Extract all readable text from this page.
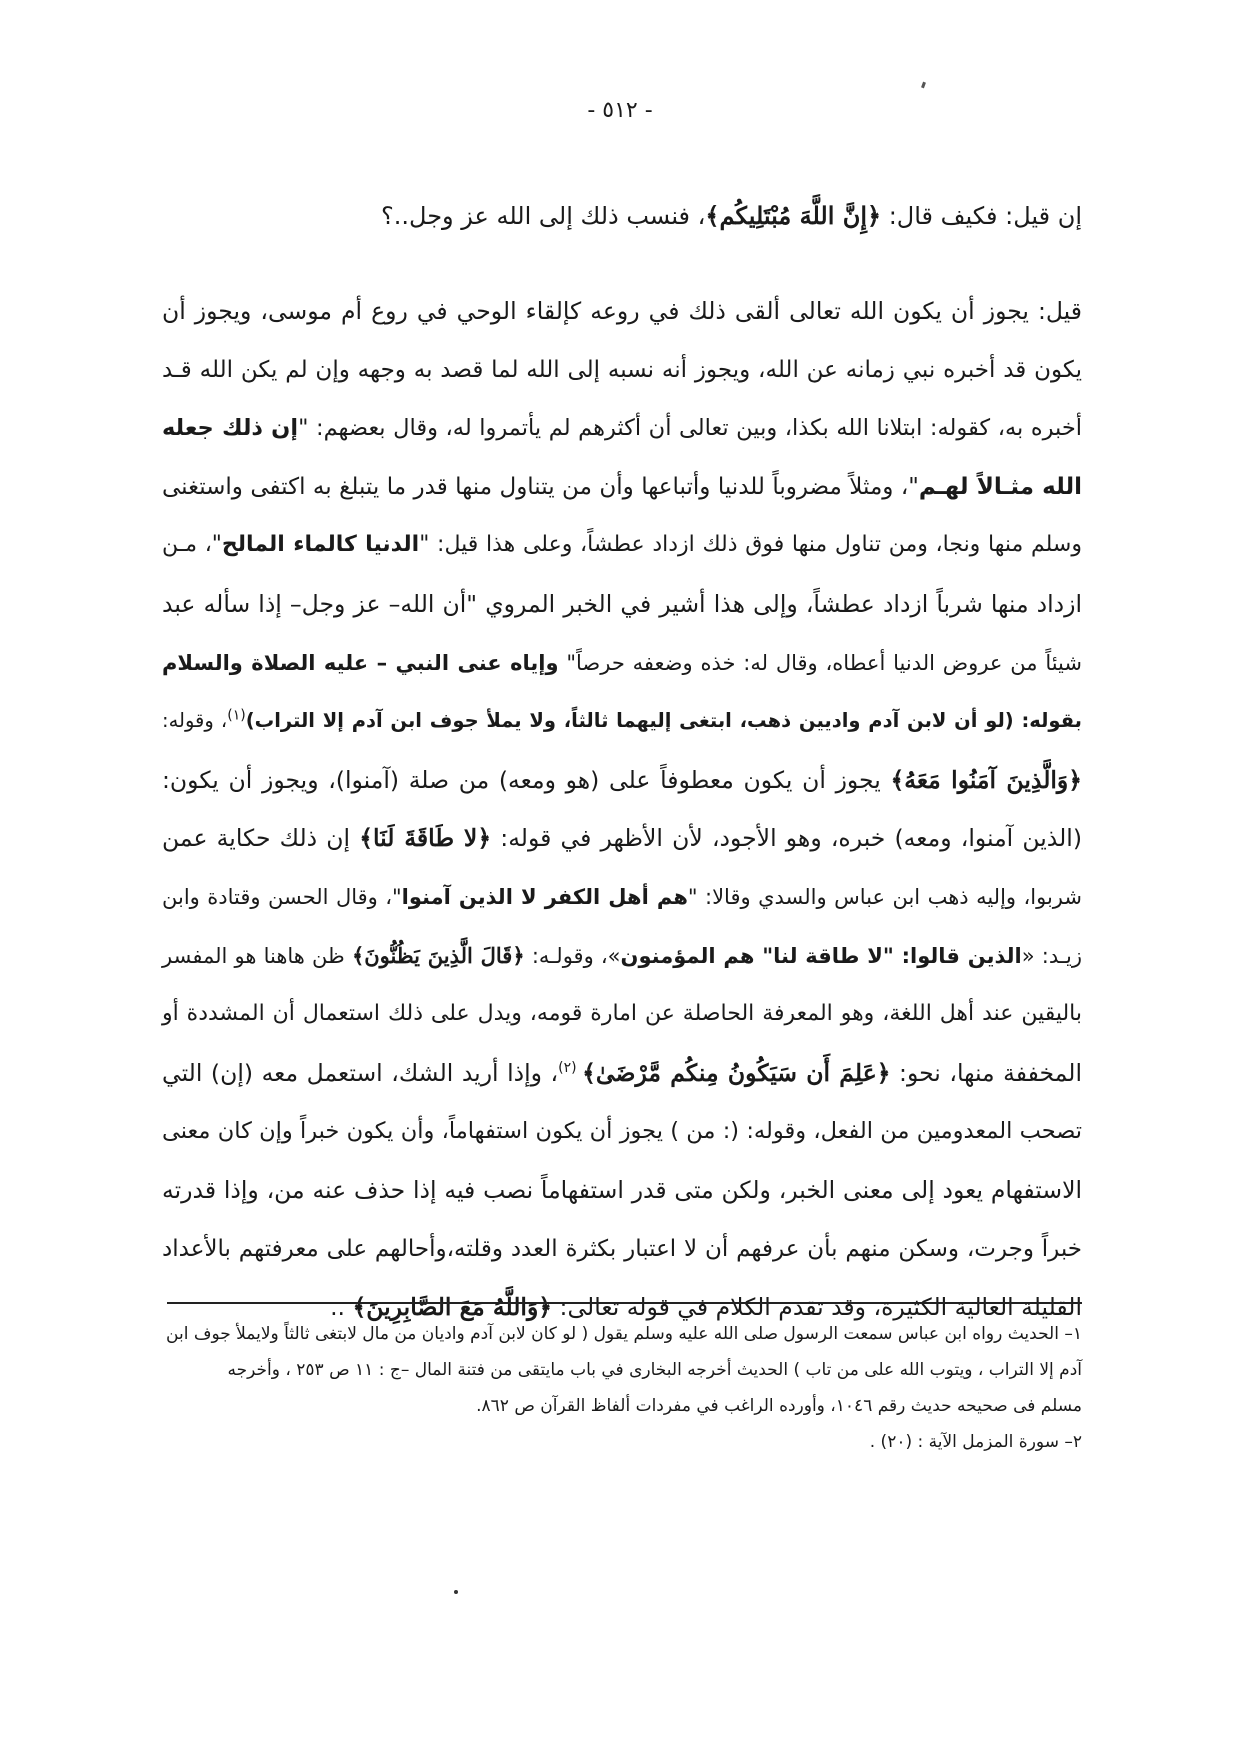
- ٥١٢ -
إن قيل: فكيف قال: ﴿إِنَّ اللَّهَ مُبْتَلِيكُم﴾، فنسب ذلك إلى الله عز وجل..؟
قيل: يجوز أن يكون الله تعالى ألقى ذلك في روعه كإلقاء الوحي في روع أم موسى، ويجوز أن
يكون قد أخبره نبي زمانه عن الله، ويجوز أنه نسبه إلى الله لما قصد به وجهه وإن لم يكن الله قـد
أخبره به، كقوله: ابتلانا الله بكذا، وبين تعالى أن أكثرهم لم يأتمروا له، وقال بعضهم: "إن ذلك جعله
الله مثـالاً لهـم"، ومثلاً مضروباً للدنيا وأتباعها وأن من يتناول منها قدر ما يتبلغ به اكتفى واستغنى
وسلم منها ونجا، ومن تناول منها فوق ذلك ازداد عطشاً، وعلى هذا قيل: "الدنيا كالماء المالح"، مـن
ازداد منها شرباً ازداد عطشاً، وإلى هذا أشير في الخبر المروي "أن الله– عز وجل– إذا سأله عبد
شيئاً من عروض الدنيا أعطاه، وقال له: خذه وضعفه حرصاً" وإياه عنى النبي – عليه الصلاة والسلام
بقوله: (لو أن لابن آدم واديين ذهب، ابتغى إليهما ثالثاً، ولا يملأ جوف ابن آدم إلا التراب)$^{(١)}$، وقوله:
﴿وَالَّذِينَ آمَنُوا مَعَهُ﴾ يجوز أن يكون معطوفاً على (هو ومعه) من صلة (آمنوا)، ويجوز أن يكون:
(الذين آمنوا، ومعه) خبره، وهو الأجود، لأن الأظهر في قوله: ﴿لا طَاقَةَ لَنَا﴾ إن ذلك حكاية عمن
شربوا، وإليه ذهب ابن عباس والسدي وقالا: "هم أهل الكفر لا الذين آمنوا"، وقال الحسن وقتادة وابن
زيـد: «الذين قالوا: "لا طاقة لنا" هم المؤمنون»، وقولـه: ﴿قَالَ الَّذِينَ يَظُنُّونَ﴾ ظن هاهنا هو المفسر
باليقين عند أهل اللغة، وهو المعرفة الحاصلة عن امارة قومه، ويدل على ذلك استعمال أن المشددة أو
المخففة منها، نحو: ﴿عَلِمَ أَن سَيَكُونُ مِنكُم مَّرْضَىٰ﴾ $^{(٢)}$، وإذا أريد الشك، استعمل معه (إن) التي
تصحب المعدومين من الفعل، وقوله: (: من ) يجوز أن يكون استفهاماً، وأن يكون خبراً وإن كان معنى
الاستفهام يعود إلى معنى الخبر، ولكن متى قدر استفهاماً نصب فيه إذا حذف عنه من، وإذا قدرته
خبراً وجرت، وسكن منهم بأن عرفهم أن لا اعتبار بكثرة العدد وقلته،وأحالهم على معرفتهم بالأعداد
القليلة الغالية الكثيرة، وقد تقدم الكلام في قوله تعالى: ﴿وَاللَّهُ مَعَ الصَّابِرِينَ﴾ ..

١– الحديث رواه ابن عباس سمعت الرسول صلى الله عليه وسلم يقول ( لو كان لابن آدم واديان من مال لابتغى ثالثاً ولايملأ جوف ابن

آدم إلا التراب ، ويتوب الله على من تاب ) الحديث أخرجه البخارى في باب مايتقى من فتنة المال –ج : ١١ ص ٢٥٣ ، وأخرجه

مسلم فى صحيحه حديث رقم ١٠٤٦، وأورده الراغب في مفردات ألفاظ القرآن ص ٨٦٢.

٢– سورة المزمل الآية : (٢٠) .
